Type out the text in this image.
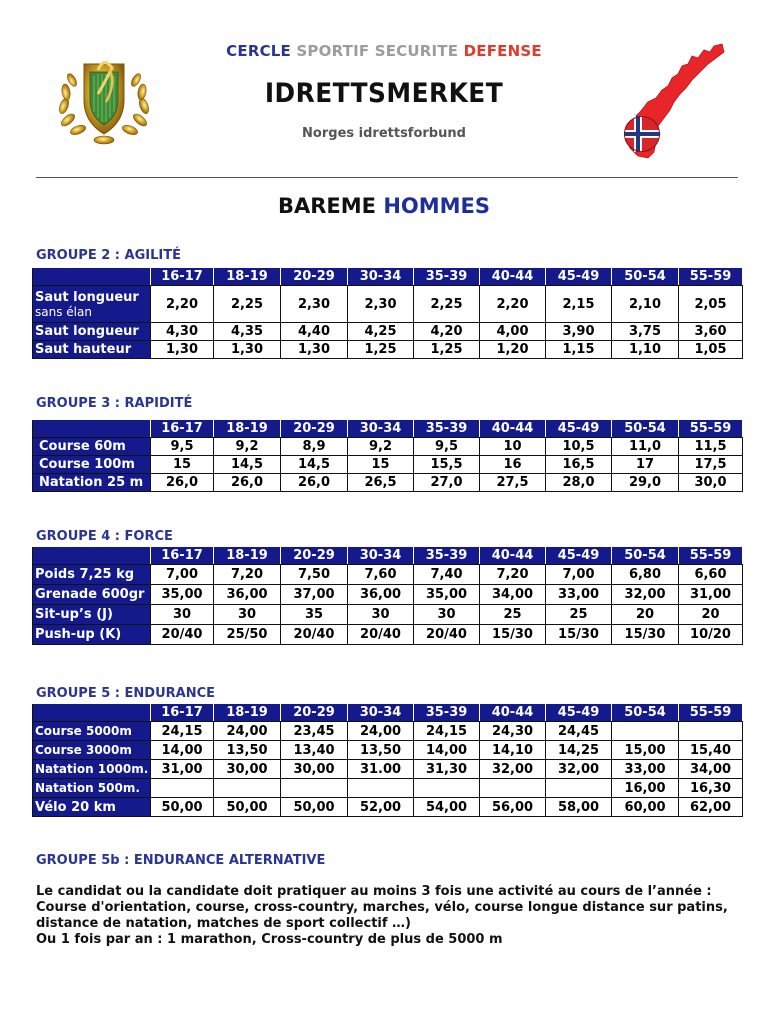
CERCLE SPORTIF SECURITE DEFENSE
IDRETTSMERKET
Norges idrettsforbund
BAREME HOMMES
GROUPE 2 : AGILITÉ
	16-17	18-19	20-29	30-34	35-39	40-44	45-49	50-54	55-59

Saut longueur
sans élan	2,20	2,25	2,30	2,30	2,25	2,20	2,15	2,10	2,05
Saut longueur	4,30	4,35	4,40	4,25	4,20	4,00	3,90	3,75	3,60
Saut hauteur	1,30	1,30	1,30	1,25	1,25	1,20	1,15	1,10	1,05
GROUPE 3 : RAPIDITÉ
	16-17	18-19	20-29	30-34	35-39	40-44	45-49	50-54	55-59
Course 60m	9,5	9,2	8,9	9,2	9,5	10	10,5	11,0	11,5
Course 100m	15	14,5	14,5	15	15,5	16	16,5	17	17,5
Natation 25 m	26,0	26,0	26,0	26,5	27,0	27,5	28,0	29,0	30,0
GROUPE 4 : FORCE
	16-17	18-19	20-29	30-34	35-39	40-44	45-49	50-54	55-59
Poids 7,25 kg	7,00	7,20	7,50	7,60	7,40	7,20	7,00	6,80	6,60
Grenade 600gr	35,00	36,00	37,00	36,00	35,00	34,00	33,00	32,00	31,00
Sit-up’s (J)	30	30	35	30	30	25	25	20	20
Push-up (K)	20/40	25/50	20/40	20/40	20/40	15/30	15/30	15/30	10/20
GROUPE 5 : ENDURANCE
	16-17	18-19	20-29	30-34	35-39	40-44	45-49	50-54	55-59
Course 5000m	24,15	24,00	23,45	24,00	24,15	24,30	24,45		
Course 3000m	14,00	13,50	13,40	13,50	14,00	14,10	14,25	15,00	15,40
Natation 1000m.	31,00	30,00	30,00	31.00	31,30	32,00	32,00	33,00	34,00
Natation 500m.								16,00	16,30
Vélo 20 km	50,00	50,00	50,00	52,00	54,00	56,00	58,00	60,00	62,00
GROUPE 5b : ENDURANCE ALTERNATIVE
Le candidat ou la candidate doit pratiquer au moins 3 fois une activité au cours de l’année :
Course d'orientation, course, cross-country, marches, vélo, course longue distance sur patins,
distance de natation, matches de sport collectif …)
Ou 1 fois par an : 1 marathon, Cross-country de plus de 5000 m
